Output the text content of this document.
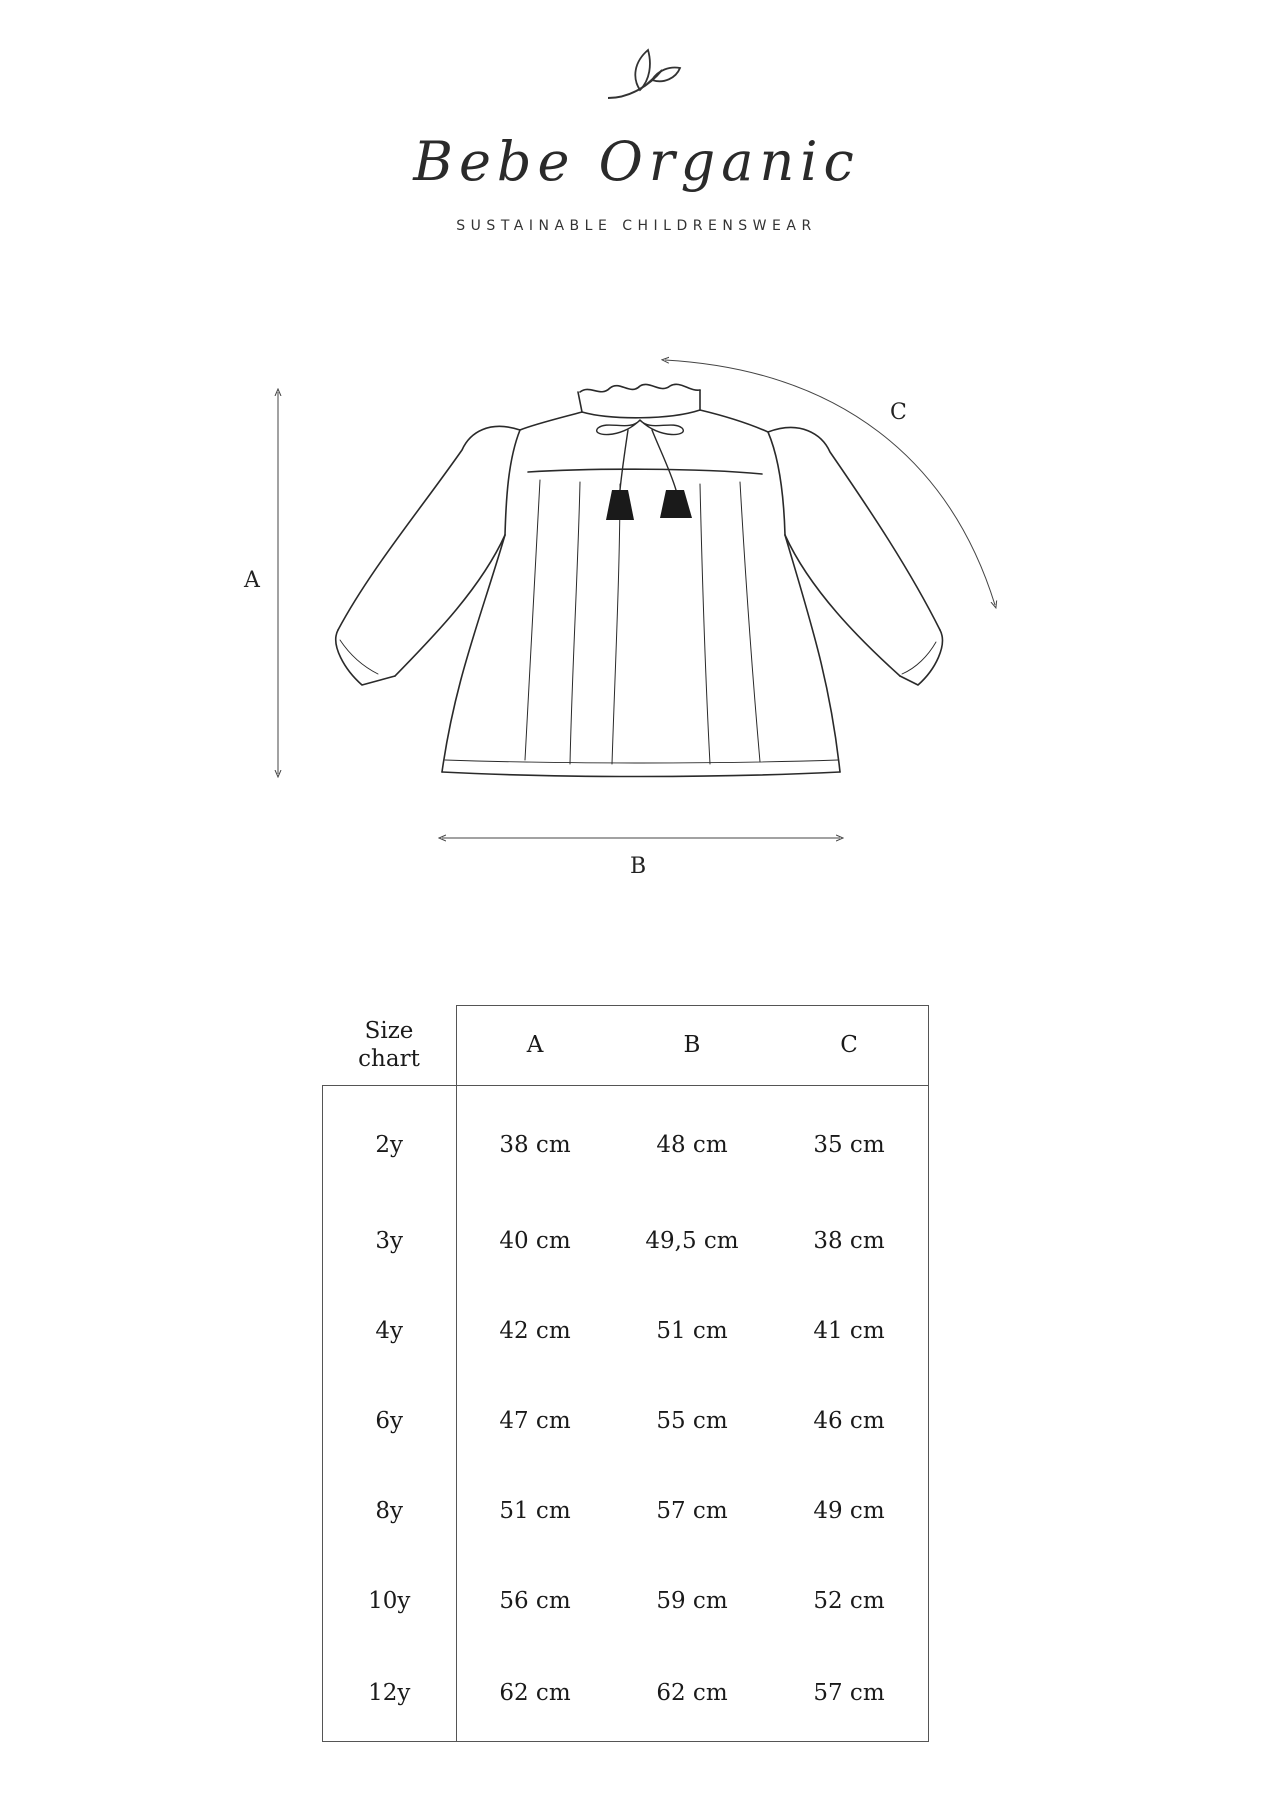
Bebe Organic
SUSTAINABLE CHILDRENSWEAR
A
B
C
Size
chart	A	B	C
2y	38 cm	48 cm	35 cm
3y	40 cm	49,5 cm	38 cm
4y	42 cm	51 cm	41 cm
6y	47 cm	55 cm	46 cm
8y	51 cm	57 cm	49 cm
10y	56 cm	59 cm	52 cm
12y	62 cm	62 cm	57 cm
